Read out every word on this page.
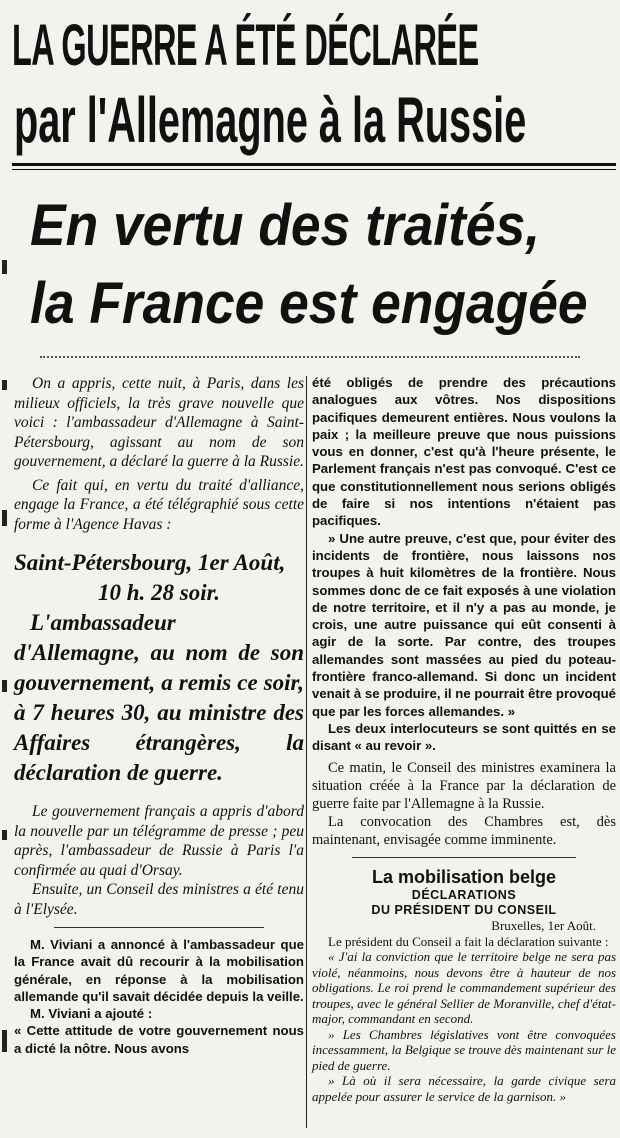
LA GUERRE A ÉTÉ DÉCLARÉE
par l'Allemagne à la Russie
En vertu des traités,
la France est engagée

On a appris, cette nuit, à Paris, dans les milieux officiels, la très grave nouvelle que voici : l'ambassadeur d'Allemagne à Saint-Pétersbourg, agissant au nom de son gouvernement, a déclaré la guerre à la Russie.

Ce fait qui, en vertu du traité d'alliance, engage la France, a été télégraphié sous cette forme à l'Agence Havas :

Saint-Pétersbourg, 1er Août,

10 h. 28 soir.

L'ambassadeur d'Allemagne, au nom de son gouvernement, a remis ce soir, à 7 heures 30, au ministre des Affaires étrangères, la déclaration de guerre.

Le gouvernement français a appris d'abord la nouvelle par un télégramme de presse ; peu après, l'ambassadeur de Russie à Paris l'a confirmée au quai d'Orsay.

Ensuite, un Conseil des ministres a été tenu à l'Elysée.

M. Viviani a annoncé à l'ambassadeur que la France avait dû recourir à la mobilisation générale, en réponse à la mobilisation allemande qu'il savait décidée depuis la veille.

M. Viviani a ajouté :

« Cette attitude de votre gouvernement nous a dicté la nôtre. Nous avons

été obligés de prendre des précautions analogues aux vôtres. Nos dispositions pacifiques demeurent entières. Nous voulons la paix ; la meilleure preuve que nous puissions vous en donner, c'est qu'à l'heure présente, le Parlement français n'est pas convoqué. C'est ce que constitutionnellement nous serions obligés de faire si nos intentions n'étaient pas pacifiques.

» Une autre preuve, c'est que, pour éviter des incidents de frontière, nous laissons nos troupes à huit kilomètres de la frontière. Nous sommes donc de ce fait exposés à une violation de notre territoire, et il n'y a pas au monde, je crois, une autre puissance qui eût consenti à agir de la sorte. Par contre, des troupes allemandes sont massées au pied du poteau-frontière franco-allemand. Si donc un incident venait à se produire, il ne pourrait être provoqué que par les forces allemandes. »

Les deux interlocuteurs se sont quittés en se disant « au revoir ».

Ce matin, le Conseil des ministres examinera la situation créée à la France par la déclaration de guerre faite par l'Allemagne à la Russie.

La convocation des Chambres est, dès maintenant, envisagée comme imminente.

La mobilisation belge

DÉCLARATIONS

DU PRÉSIDENT DU CONSEIL

Bruxelles, 1er Août.

Le président du Conseil a fait la déclaration suivante :

« J'ai la conviction que le territoire belge ne sera pas violé, néanmoins, nous devons être à hauteur de nos obligations. Le roi prend le commandement supérieur des troupes, avec le général Sellier de Moranville, chef d'état-major, commandant en second.

» Les Chambres législatives vont être convoquées incessamment, la Belgique se trouve dès maintenant sur le pied de guerre.

» Là où il sera nécessaire, la garde civique sera appelée pour assurer le service de la garnison. »
